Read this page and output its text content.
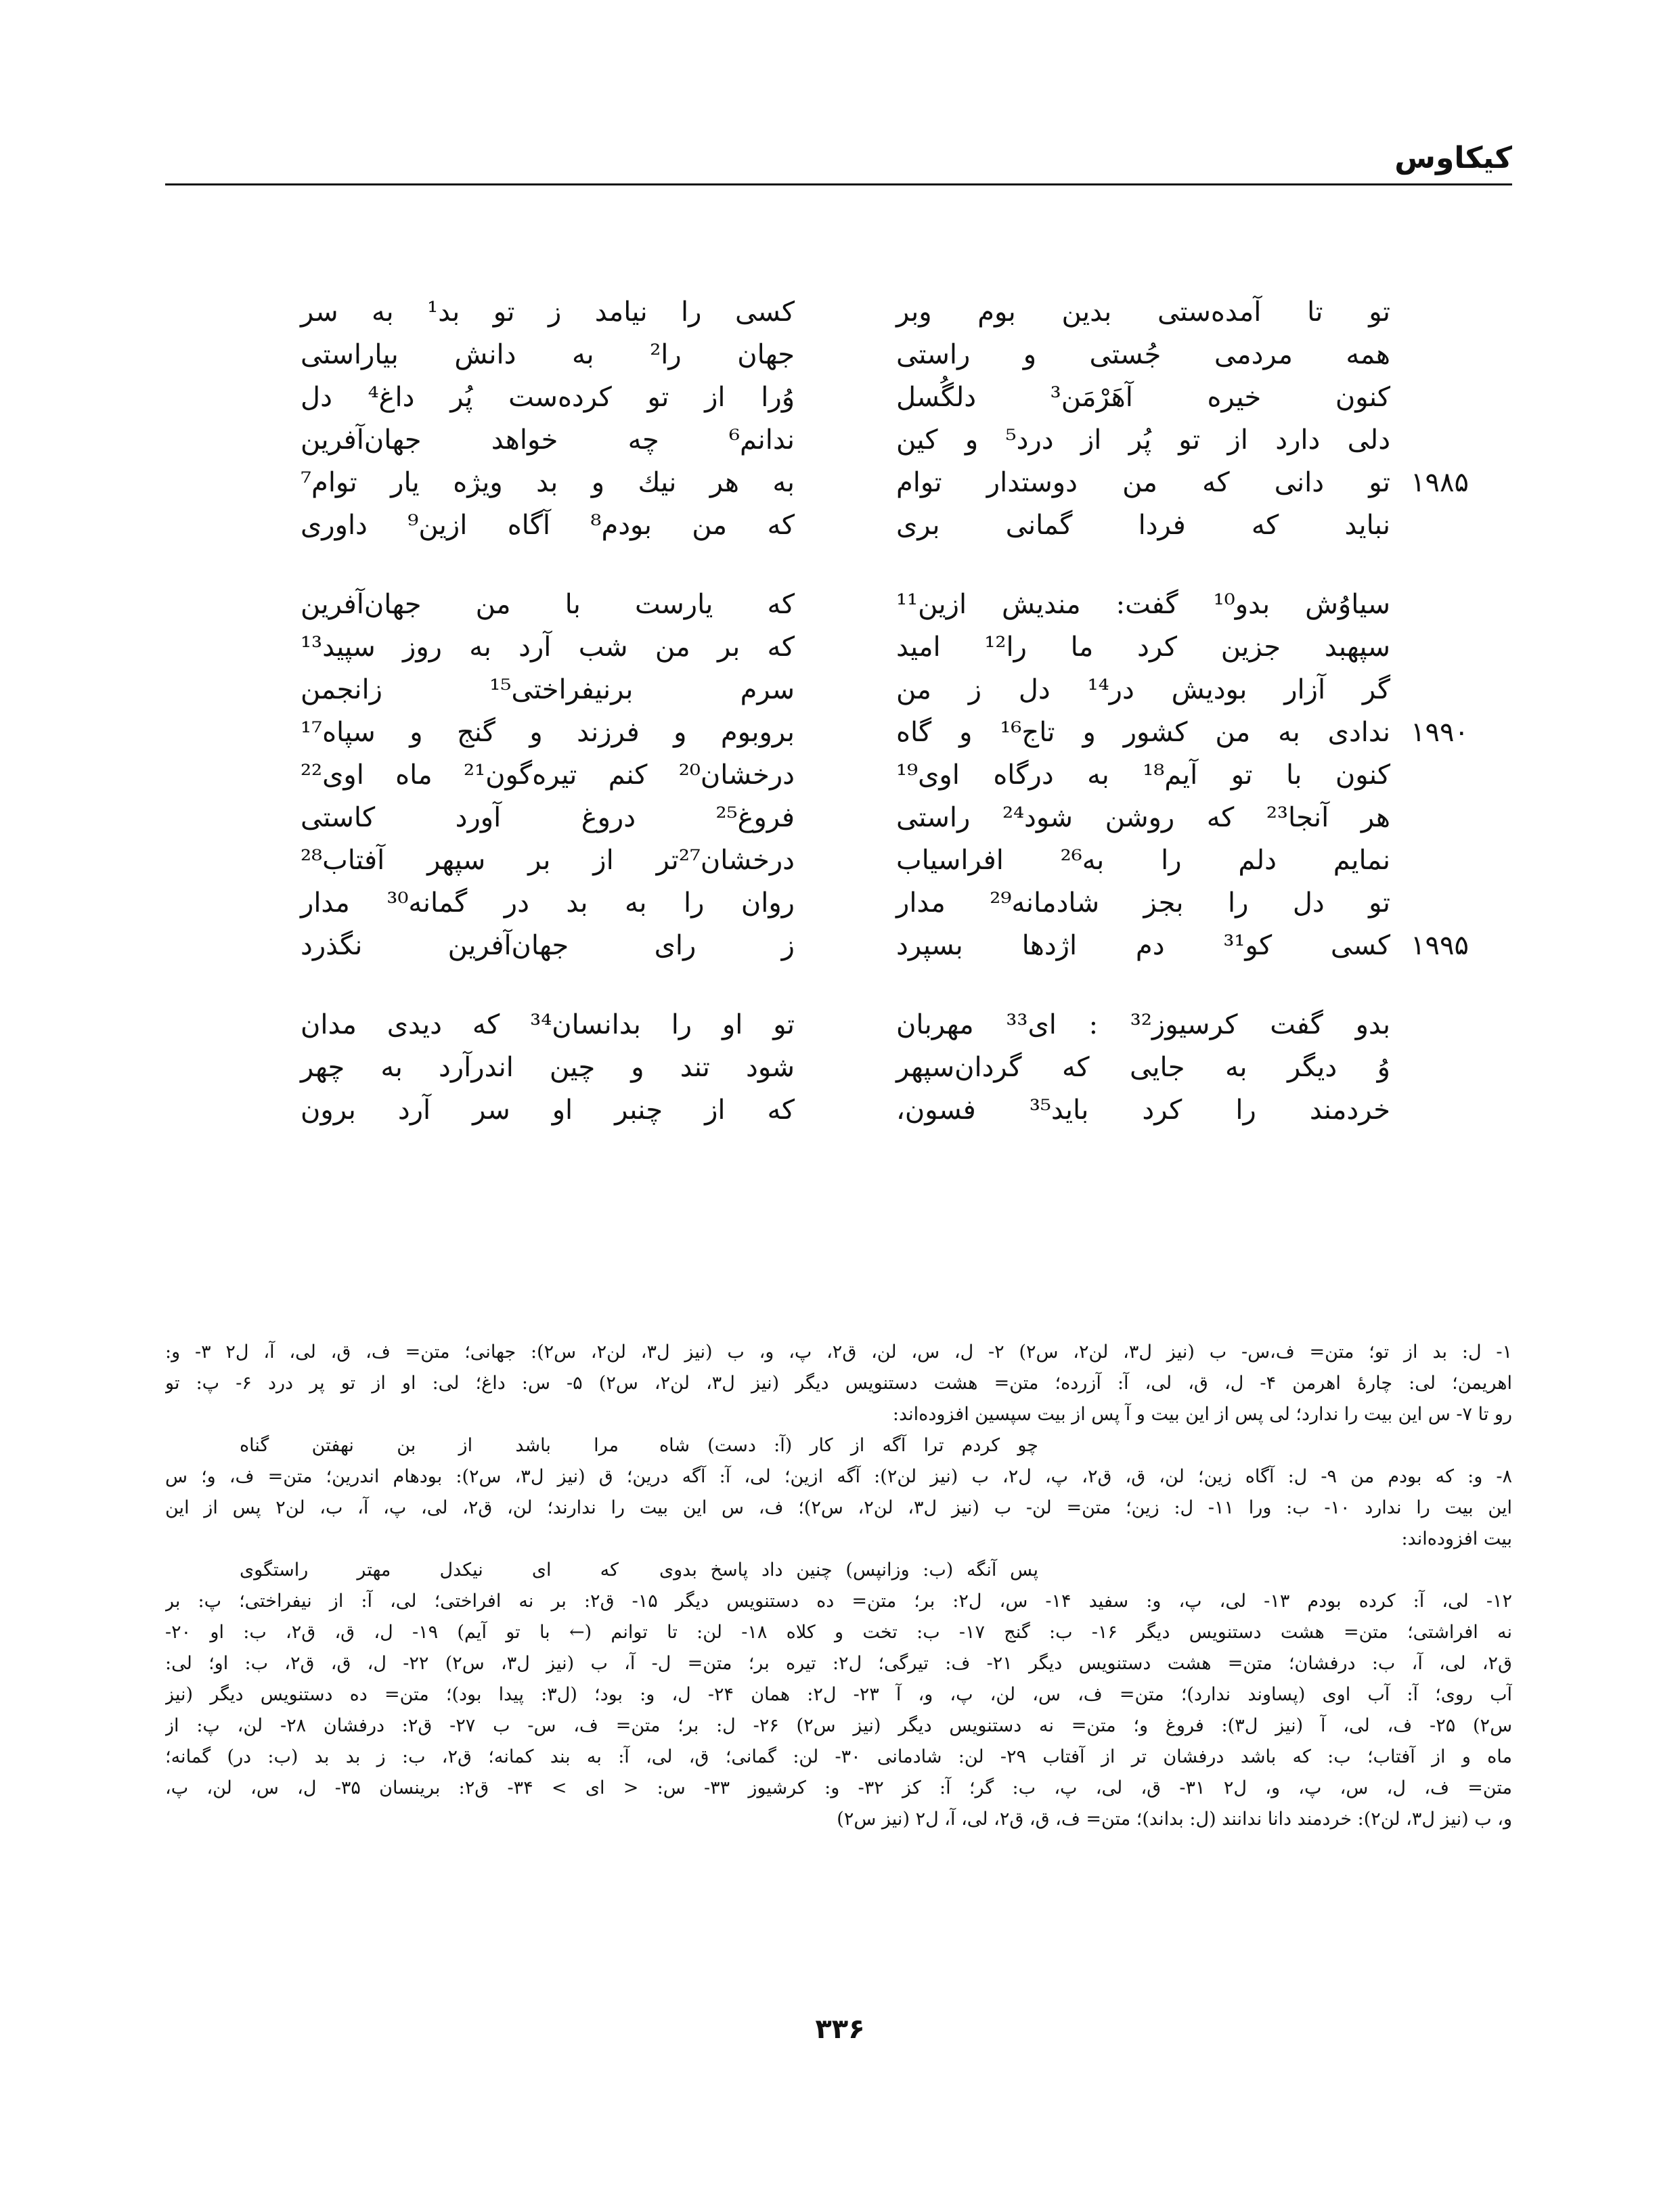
کیکاوس
تو تا آمده‌ستی بدین بوم وبر
کسی را نیامد ز تو بد¹ به سر
همه مردمی جُستی و راستی
جهان را² به دانش بیاراستی
کنون خیره آهَرْمَن³ دلگُسل
وُرا از تو کرده‌ست پُر داغ⁴ دل
دلی دارد از تو پُر از درد⁵ و کین
ندانم⁶ چه خواهد جهان‌آفرین
۱۹۸۵
تو دانی که من دوستدار توام
به هر نیك و بد ویژه یار توام⁷
نباید که فردا گمانی بری
که من بودم⁸ آگاه ازین⁹ داوری
سیاوُش بدو¹⁰ گفت: مندیش ازین¹¹
که یارست با من جهان‌آفرین
سپهبد جزین کرد ما را¹² امید
که بر من شب آرد به روز سپید¹³
گر آزار بودیش در¹⁴ دل ز من
سرم برنیفراختی¹⁵ زانجمن
۱۹۹۰
ندادی به من کشور و تاج¹⁶ و گاه
بروبوم و فرزند و گنج و سپاه¹⁷
کنون با تو آیم¹⁸ به درگاه اوی¹⁹
درخشان²⁰ کنم تیره‌گون²¹ ماه اوی²²
هر آنجا²³ که روشن شود²⁴ راستی
فروغ²⁵ دروغ آورد کاستی
نمایم دلم را به²⁶ افراسیاب
درخشان²⁷تر از بر سپهر آفتاب²⁸
تو دل را بجز شادمانه²⁹ مدار
روان را به بد در گمانه³⁰ مدار
۱۹۹۵
کسی کو³¹ دم اژدها بسپرد
ز رای جهان‌آفرین نگذرد
بدو گفت کرسیوز³² : ای³³ مهربان
تو او را بدانسان³⁴ که دیدی مدان
وُ دیگر به جایی که گردان‌سپهر
شود تند و چین اندرآرد به چهر
خردمند را کرد باید³⁵ فسون،
که از چنبر او سر آرد برون
۱- ل: بد از تو؛ متن= ف،س- ب (نیز ل۳، لن۲، س۲) ۲- ل، س، لن، ق۲، پ، و، ب (نیز ل۳، لن۲، س۲): جهانی؛ متن= ف، ق، لی، آ، ل۲ ۳- و:
اهریمن؛ لی: چارهٔ اهرمن ۴- ل، ق، لی، آ: آزرده؛ متن= هشت دستنویس دیگر (نیز ل۳، لن۲، س۲) ۵- س: داغ؛ لی: او از تو پر درد ۶- پ: تو
رو تا ۷- س این بیت را ندارد؛ لی پس از این بیت و آ پس از بیت سپسین افزوده‌اند:
چو کردم ترا آگه از کار (آ: دست) شاه
مرا باشد از بن نهفتن گناه
۸- و: که بودم من ۹- ل: آگاه زین؛ لن، ق، ق۲، پ، ل۲، ب (نیز لن۲): آگه ازین؛ لی، آ: آگه درین؛ ق (نیز ل۳، س۲): بودهام اندرین؛ متن= ف، و؛ س
این بیت را ندارد ۱۰- ب: ورا ۱۱- ل: زین؛ متن= لن- ب (نیز ل۳، لن۲، س۲)؛ ف، س این بیت را ندارند؛ لن، ق۲، لی، پ، آ، ب، لن۲ پس از این
بیت افزوده‌اند:
پس آنگه (ب: وزانپس) چنین داد پاسخ بدوی
که ای نیکدل مهتر راستگوی
۱۲- لی، آ: کرده بودم ۱۳- لی، پ، و: سفید ۱۴- س، ل۲: بر؛ متن= ده دستنویس دیگر ۱۵- ق۲: بر نه افراختی؛ لی، آ: از نیفراختی؛ پ: بر
نه افراشتی؛ متن= هشت دستنویس دیگر ۱۶- ب: گنج ۱۷- ب: تخت و کلاه ۱۸- لن: تا توانم (← با تو آیم) ۱۹- ل، ق، ق۲، ب: او ۲۰-
ق۲، لی، آ، ب: درفشان؛ متن= هشت دستنویس دیگر ۲۱- ف: تیرگی؛ ل۲: تیره بر؛ متن= ل- آ، ب (نیز ل۳، س۲) ۲۲- ل، ق، ق۲، ب: او؛ لی:
آب روی؛ آ: آب اوی (پساوند ندارد)؛ متن= ف، س، لن، پ، و، آ ۲۳- ل۲: همان ۲۴- ل، و: بود؛ (ل۳: پیدا بود)؛ متن= ده دستنویس دیگر (نیز
س۲) ۲۵- ف، لی، آ (نیز ل۳): فروغ و؛ متن= نه دستنویس دیگر (نیز س۲) ۲۶- ل: بر؛ متن= ف، س- ب ۲۷- ق۲: درفشان ۲۸- لن، پ: از
ماه و از آفتاب؛ ب: که باشد درفشان تر از آفتاب ۲۹- لن: شادمانی ۳۰- لن: گمانی؛ ق، لی، آ: به بند کمانه؛ ق۲، ب: ز بد بد (ب: در) گمانه؛
متن= ف، ل، س، پ، و، ل۲ ۳۱- ق، لی، پ، ب: گر؛ آ: کز ۳۲- و: کرشیوز ۳۳- س: < ای > ۳۴- ق۲: برینسان ۳۵- ل، س، لن، پ،
و، ب (نیز ل۳، لن۲): خردمند دانا ندانند (ل: بداند)؛ متن= ف، ق، ق۲، لی، آ، ل۲ (نیز س۲)
۳۳۶
